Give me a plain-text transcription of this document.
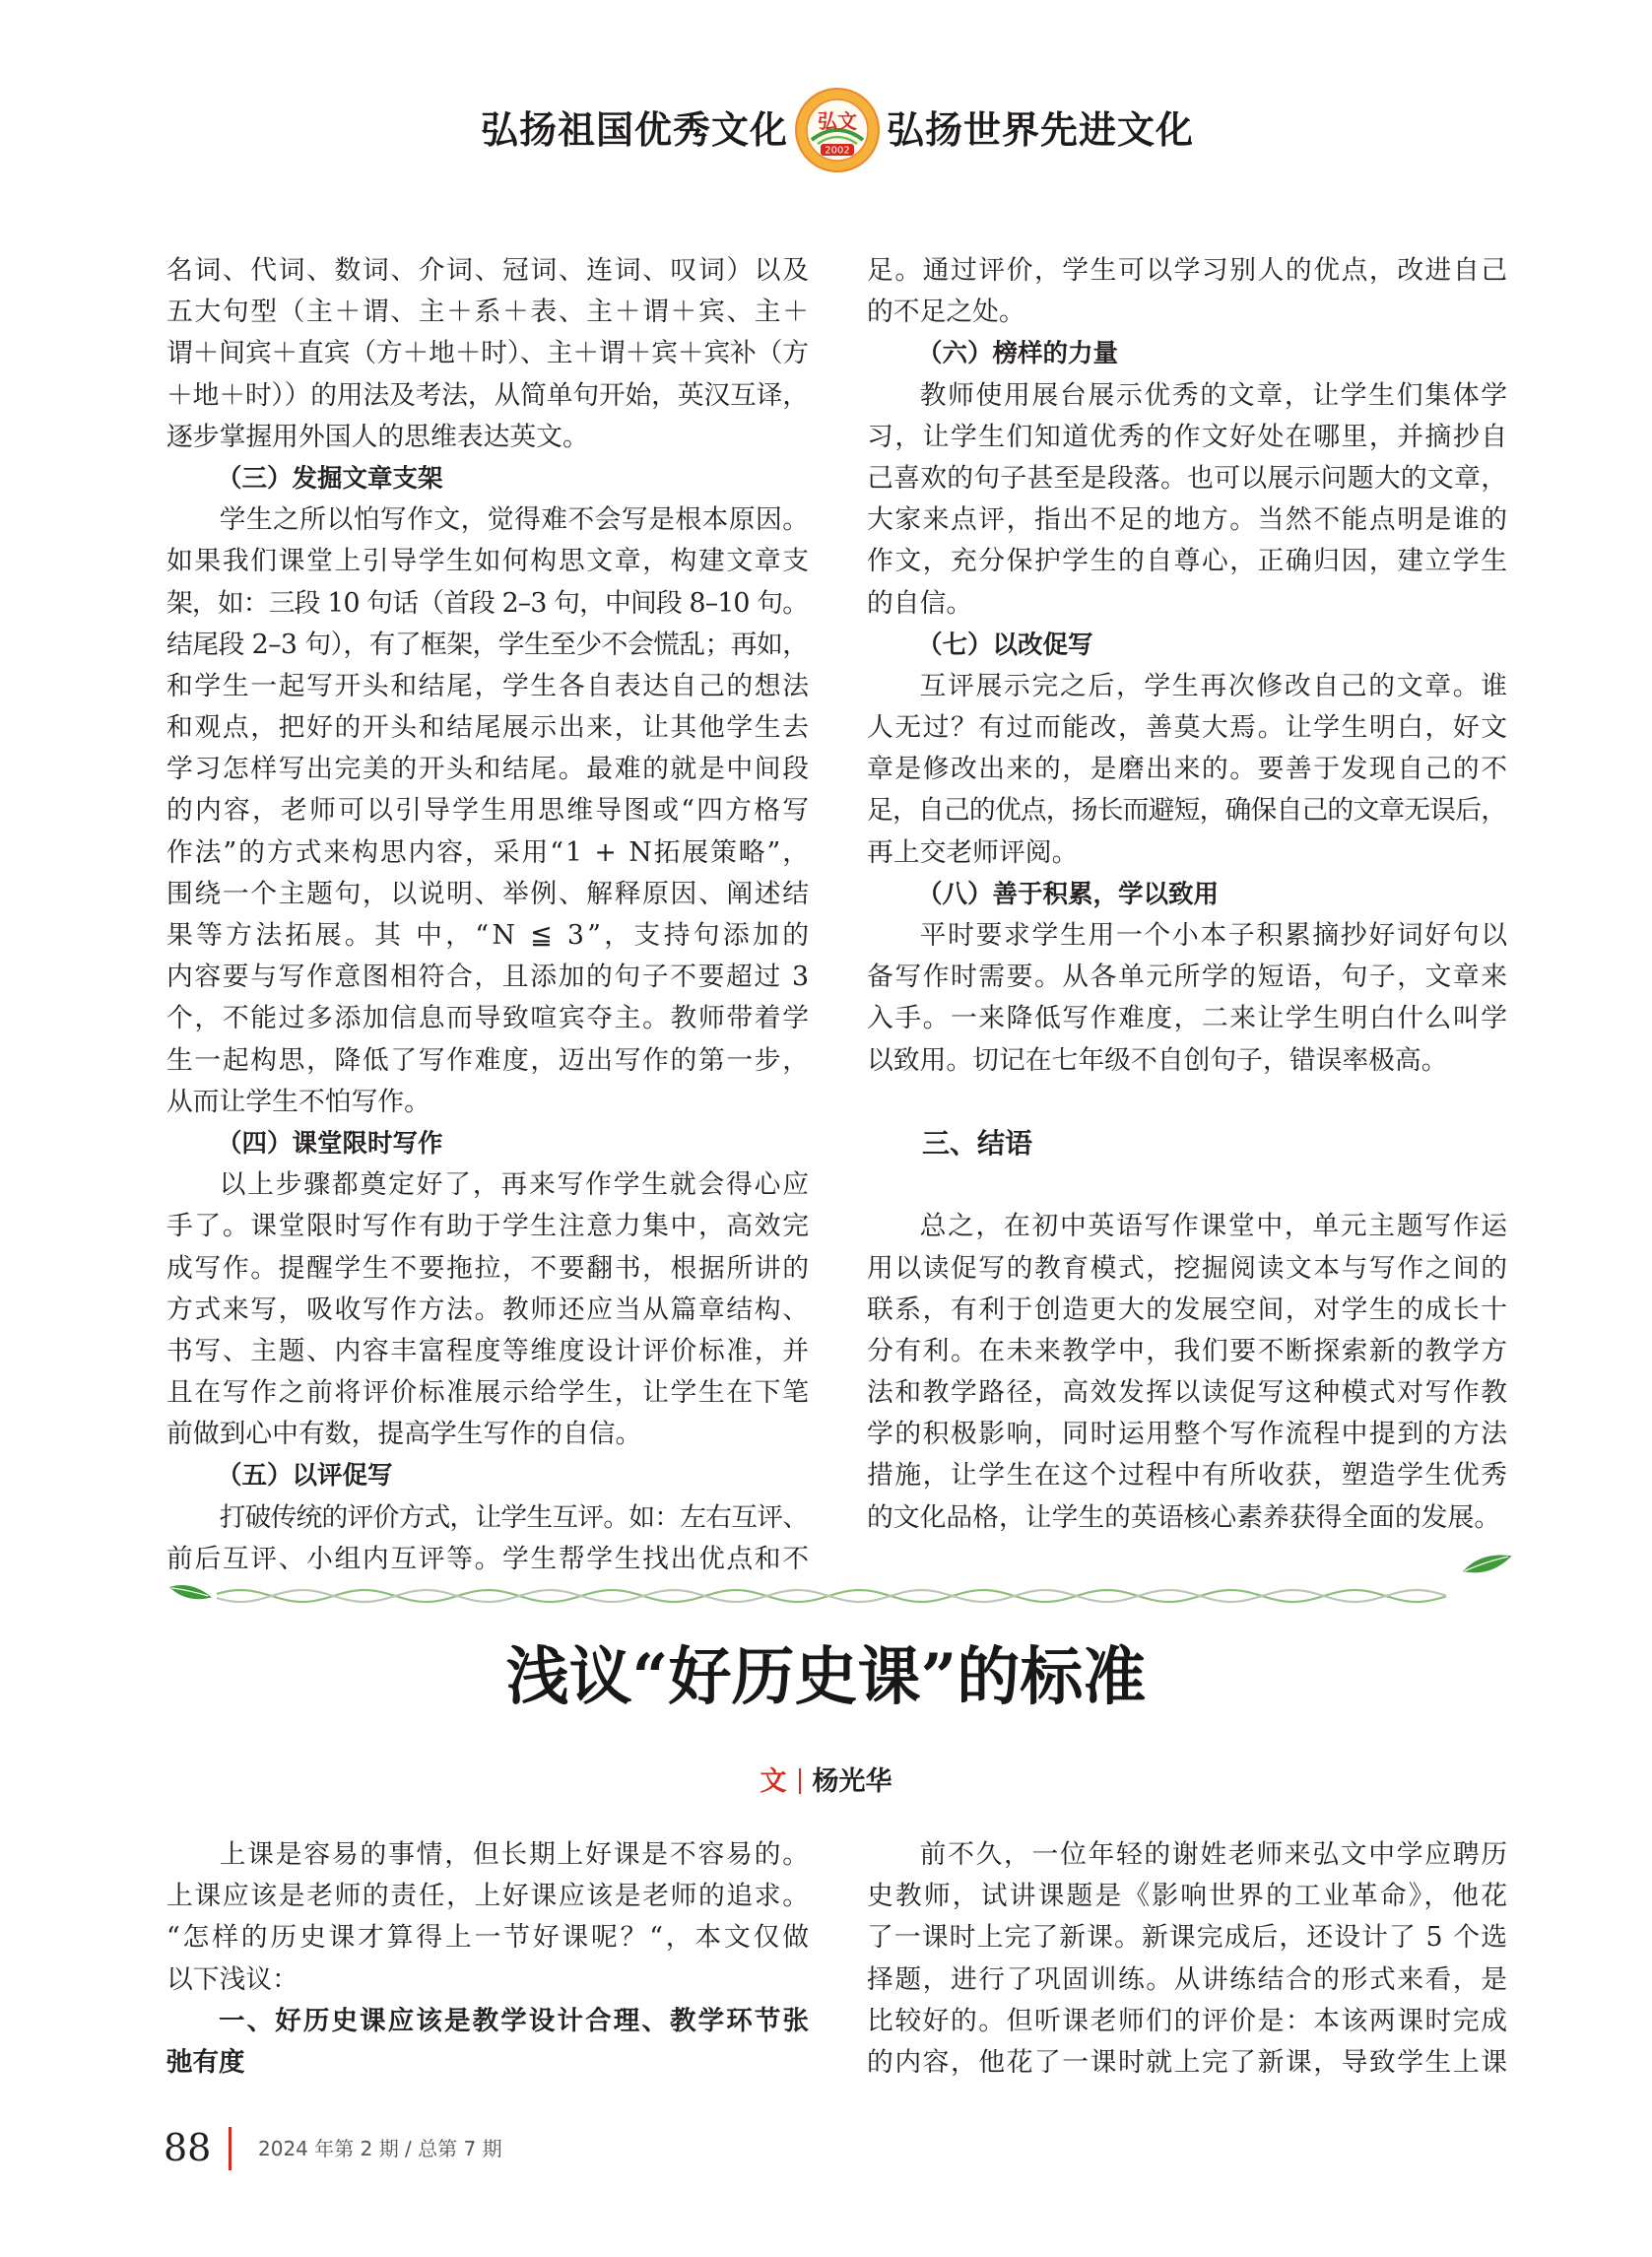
弘扬祖国优秀文化 弘文
2002 弘扬世界先进文化
名词、代词、数词、介词、冠词、连词、叹词）以及
五大句型（主＋谓、主＋系＋表、主＋谓＋宾、主＋
谓＋间宾＋直宾（方＋地＋时）、主＋谓＋宾＋宾补（方
＋地＋时））的用法及考法，从简单句开始，英汉互译，
逐步掌握用外国人的思维表达英文。
（三）发掘文章支架
学生之所以怕写作文，觉得难不会写是根本原因。
如果我们课堂上引导学生如何构思文章，构建文章支
架，如：三段 10 句话（首段 2–3 句，中间段 8–10 句。
结尾段 2–3 句），有了框架，学生至少不会慌乱；再如，
和学生一起写开头和结尾，学生各自表达自己的想法
和观点，把好的开头和结尾展示出来，让其他学生去
学习怎样写出完美的开头和结尾。最难的就是中间段
的内容，老师可以引导学生用思维导图或“四方格写
作法”的方式来构思内容，采用“1 + N拓展策略”，
围绕一个主题句，以说明、举例、解释原因、阐述结
果等方法拓展。其 中，“N ≦ 3”，支持句添加的
内容要与写作意图相符合，且添加的句子不要超过 3
个，不能过多添加信息而导致喧宾夺主。教师带着学
生一起构思，降低了写作难度，迈出写作的第一步，
从而让学生不怕写作。
（四）课堂限时写作
以上步骤都奠定好了，再来写作学生就会得心应
手了。课堂限时写作有助于学生注意力集中，高效完
成写作。提醒学生不要拖拉，不要翻书，根据所讲的
方式来写，吸收写作方法。教师还应当从篇章结构、
书写、主题、内容丰富程度等维度设计评价标准，并
且在写作之前将评价标准展示给学生，让学生在下笔
前做到心中有数，提高学生写作的自信。
（五）以评促写
打破传统的评价方式，让学生互评。如：左右互评、
前后互评、小组内互评等。学生帮学生找出优点和不
足。通过评价，学生可以学习别人的优点，改进自己
的不足之处。
（六）榜样的力量
教师使用展台展示优秀的文章，让学生们集体学
习，让学生们知道优秀的作文好处在哪里，并摘抄自
己喜欢的句子甚至是段落。也可以展示问题大的文章，
大家来点评，指出不足的地方。当然不能点明是谁的
作文，充分保护学生的自尊心，正确归因，建立学生
的自信。
（七）以改促写
互评展示完之后，学生再次修改自己的文章。谁
人无过？有过而能改，善莫大焉。让学生明白，好文
章是修改出来的，是磨出来的。要善于发现自己的不
足，自己的优点，扬长而避短，确保自己的文章无误后，
再上交老师评阅。
（八）善于积累，学以致用
平时要求学生用一个小本子积累摘抄好词好句以
备写作时需要。从各单元所学的短语，句子，文章来
入手。一来降低写作难度，二来让学生明白什么叫学
以致用。切记在七年级不自创句子，错误率极高。
三、结语
总之，在初中英语写作课堂中，单元主题写作运
用以读促写的教育模式，挖掘阅读文本与写作之间的
联系，有利于创造更大的发展空间，对学生的成长十
分有利。在未来教学中，我们要不断探索新的教学方
法和教学路径，高效发挥以读促写这种模式对写作教
学的积极影响，同时运用整个写作流程中提到的方法
措施，让学生在这个过程中有所收获，塑造学生优秀
的文化品格，让学生的英语核心素养获得全面的发展。
浅议“好历史课”的标准
文 杨光华
上课是容易的事情，但长期上好课是不容易的。
上课应该是老师的责任，上好课应该是老师的追求。
“怎样的历史课才算得上一节好课呢？“，本文仅做
以下浅议：
一、好历史课应该是教学设计合理、教学环节张
弛有度
前不久，一位年轻的谢姓老师来弘文中学应聘历
史教师，试讲课题是《影响世界的工业革命》，他花
了一课时上完了新课。新课完成后，还设计了 5 个选
择题，进行了巩固训练。从讲练结合的形式来看，是
比较好的。但听课老师们的评价是：本该两课时完成
的内容，他花了一课时就上完了新课，导致学生上课
88 2024 年第 2 期 / 总第 7 期
